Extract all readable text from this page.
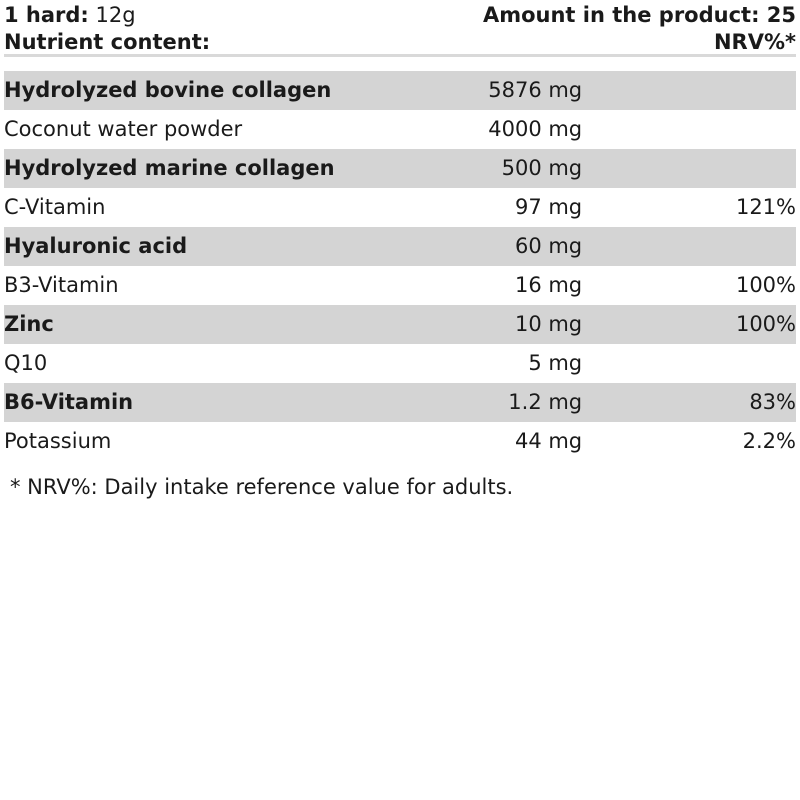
1 hard: 12g	Amount in the product: 25	
Nutrient content:		NRV%*

Hydrolyzed bovine collagen	5876 mg	
Coconut water powder	4000 mg	
Hydrolyzed marine collagen	500 mg	
C-Vitamin	97 mg	121%
Hyaluronic acid	60 mg	
B3-Vitamin	16 mg	100%
Zinc	10 mg	100%
Q10	5 mg	
B6-Vitamin	1.2 mg	83%
Potassium	44 mg	2.2%
* NRV%: Daily intake reference value for adults.
